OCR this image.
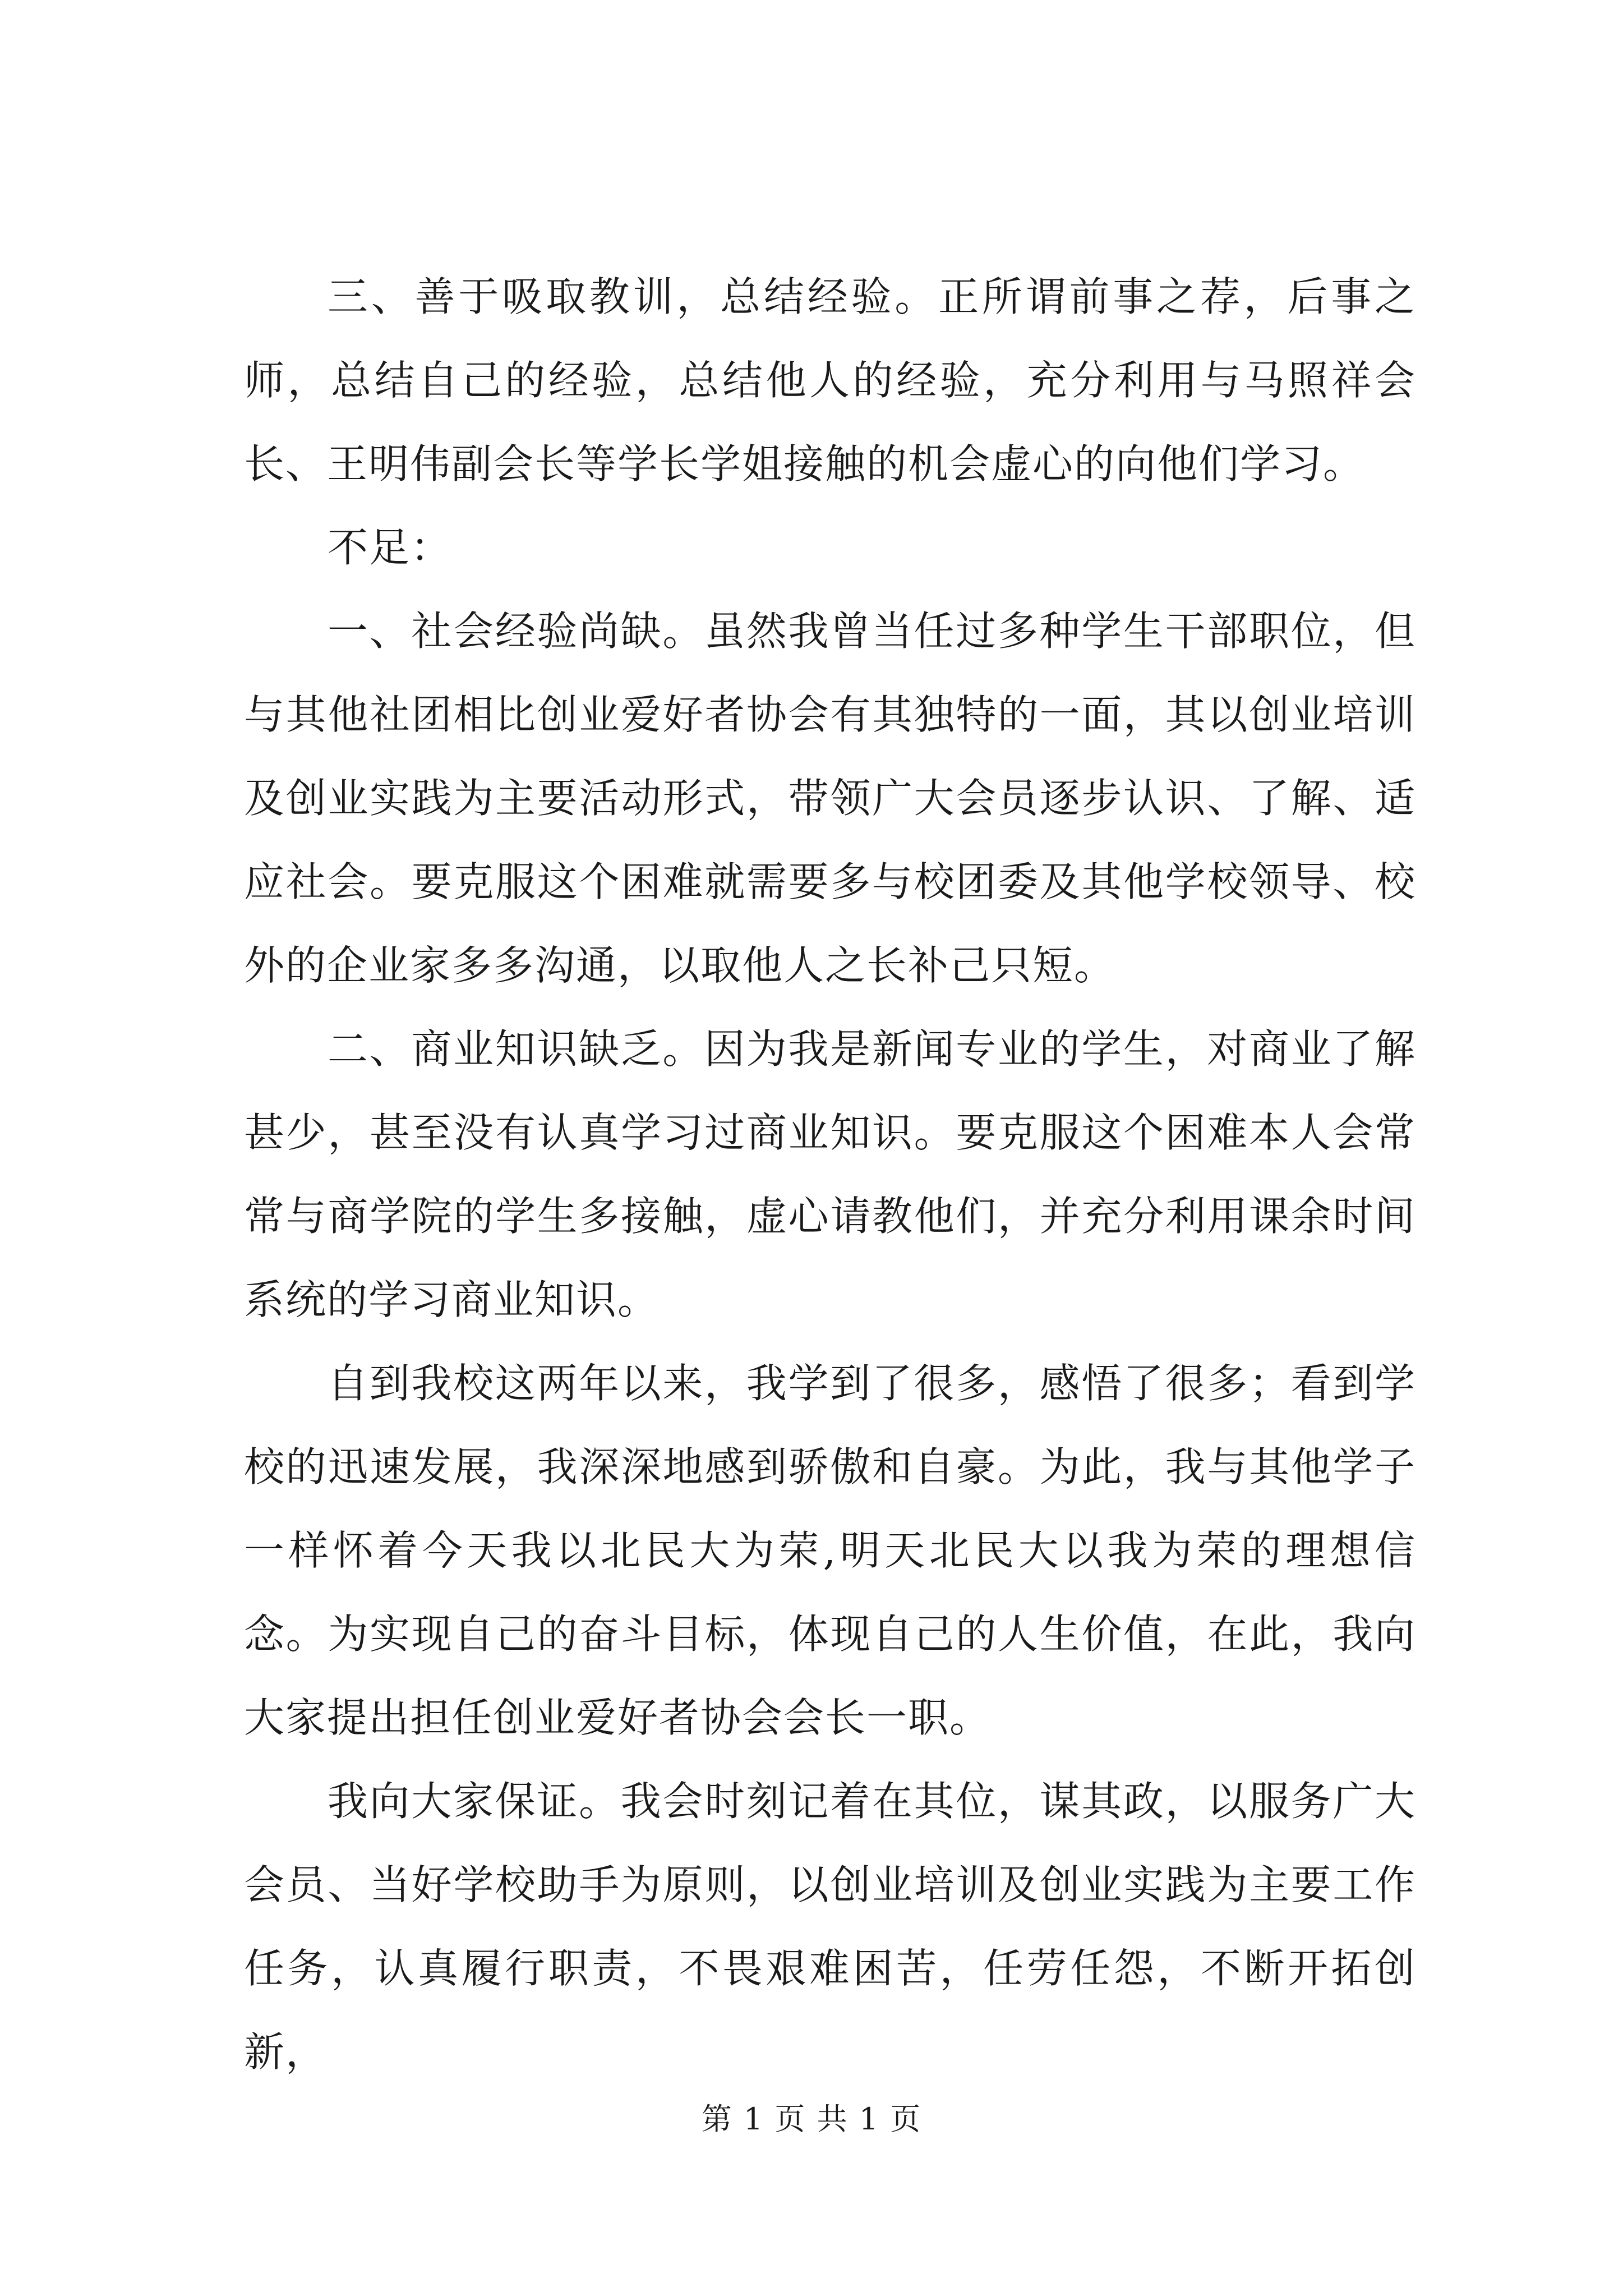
三、善于吸取教训，总结经验。正所谓前事之荐，后事之师，总结自己的经验，总结他人的经验，充分利用与马照祥会长、王明伟副会长等学长学姐接触的机会虚心的向他们学习。

不足：

一、社会经验尚缺。虽然我曾当任过多种学生干部职位，但与其他社团相比创业爱好者协会有其独特的一面，其以创业培训及创业实践为主要活动形式，带领广大会员逐步认识、了解、适应社会。要克服这个困难就需要多与校团委及其他学校领导、校外的企业家多多沟通，以取他人之长补己只短。

二、商业知识缺乏。因为我是新闻专业的学生，对商业了解甚少，甚至没有认真学习过商业知识。要克服这个困难本人会常常与商学院的学生多接触，虚心请教他们，并充分利用课余时间系统的学习商业知识。

自到我校这两年以来，我学到了很多，感悟了很多；看到学校的迅速发展，我深深地感到骄傲和自豪。为此，我与其他学子一样怀着今天我以北民大为荣,明天北民大以我为荣的理想信念。为实现自己的奋斗目标，体现自己的人生价值，在此，我向大家提出担任创业爱好者协会会长一职。

我向大家保证。我会时刻记着在其位，谋其政，以服务广大会员、当好学校助手为原则，以创业培训及创业实践为主要工作任务，认真履行职责，不畏艰难困苦，任劳任怨，不断开拓创新，

第 1 页 共 1 页
